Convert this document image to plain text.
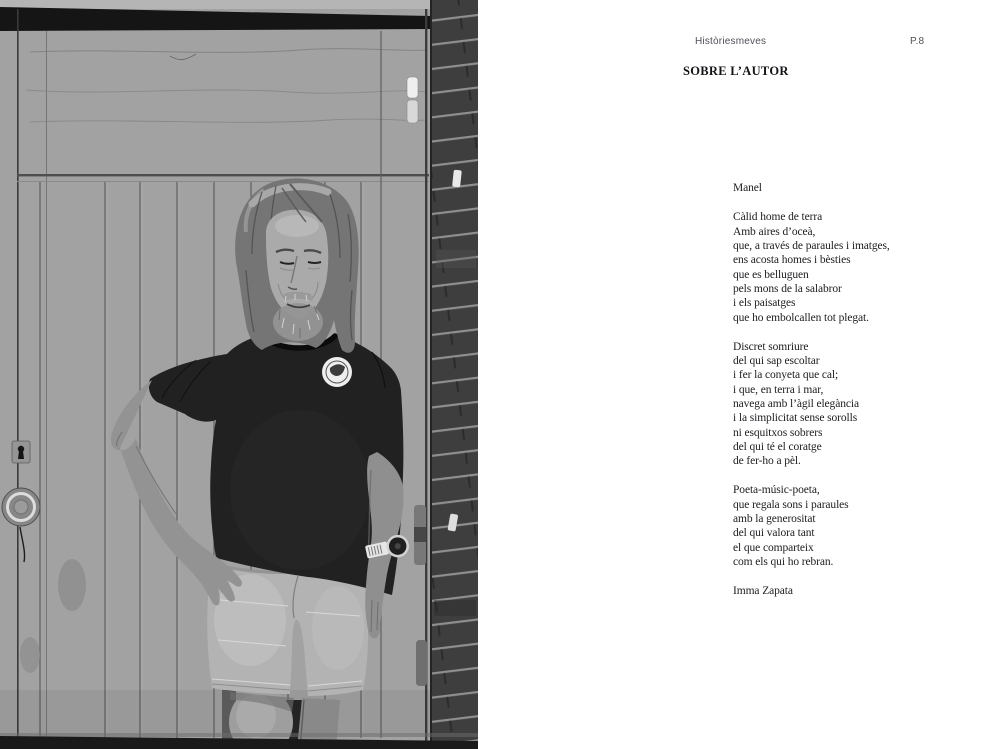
Històriesmeves	P.8
SOBRE L’AUTOR
Manel
Càlid home de terra
Amb aires d’oceà,
que, a través de paraules i imatges,
ens acosta homes i bèsties
que es belluguen
pels mons de la salabror
i els paisatges
que ho embolcallen tot plegat.
Discret somriure
del qui sap escoltar
i fer la conyeta que cal;
i que, en terra i mar,
navega amb l’àgil elegància
i la simplicitat sense sorolls
ni esquitxos sobrers
del qui té el coratge
de fer-ho a pèl.
Poeta-músic-poeta,
que regala sons i paraules
amb la generositat
del qui valora tant
el que comparteix
com els qui ho rebran.
Imma Zapata
